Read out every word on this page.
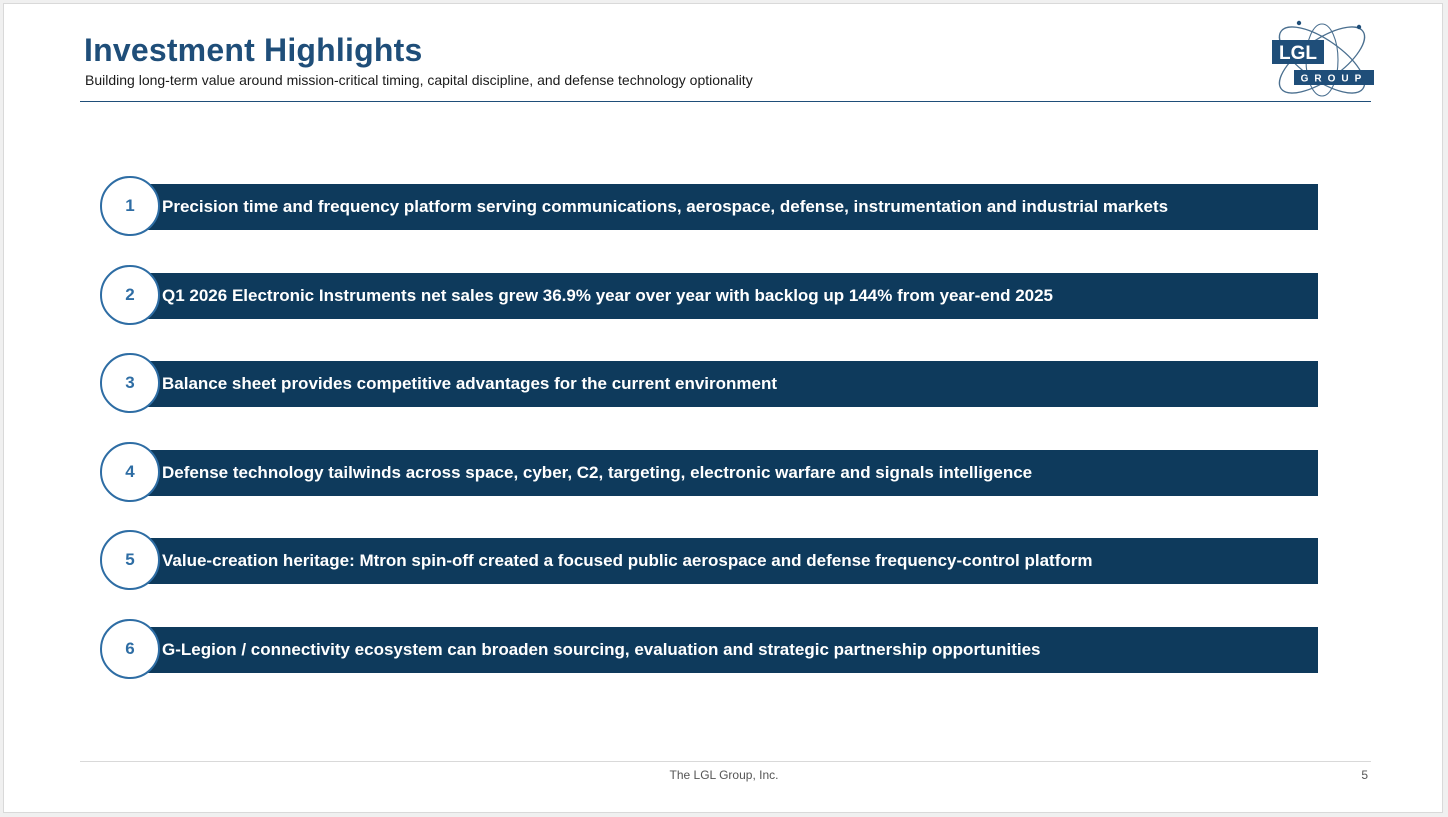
Investment Highlights

Building long-term value around mission-critical timing, capital discipline, and defense technology optionality

LGL
GROUP
1	Precision time and frequency platform serving communications, aerospace, defense, instrumentation and industrial markets
2	Q1 2026 Electronic Instruments net sales grew 36.9% year over year with backlog up 144% from year-end 2025
3	Balance sheet provides competitive advantages for the current environment
4	Defense technology tailwinds across space, cyber, C2, targeting, electronic warfare and signals intelligence
5	Value-creation heritage: Mtron spin-off created a focused public aerospace and defense frequency-control platform
6	G-Legion / connectivity ecosystem can broaden sourcing, evaluation and strategic partnership opportunities
The LGL Group, Inc.	5
